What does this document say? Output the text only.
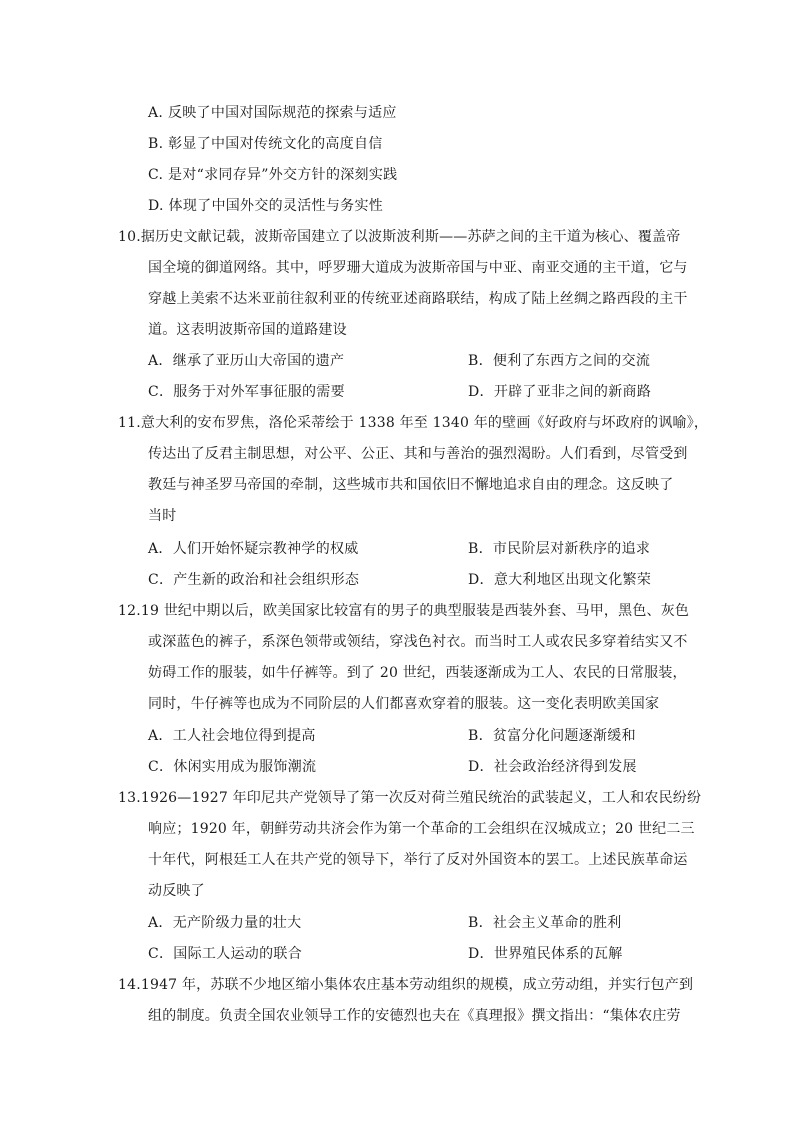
A. 反映了中国对国际规范的探索与适应
B. 彰显了中国对传统文化的高度自信
C. 是对“求同存异”外交方针的深刻实践
D. 体现了中国外交的灵活性与务实性
10.据历史文献记载，波斯帝国建立了以波斯波利斯——苏萨之间的主干道为核心、覆盖帝
国全境的御道网络。其中，呼罗珊大道成为波斯帝国与中亚、南亚交通的主干道，它与
穿越上美索不达米亚前往叙利亚的传统亚述商路联结，构成了陆上丝绸之路西段的主干
道。这表明波斯帝国的道路建设
A．继承了亚历山大帝国的遗产	B．便利了东西方之间的交流
C．服务于对外军事征服的需要	D．开辟了亚非之间的新商路
11.意大利的安布罗焦，洛伦采蒂绘于 1338 年至 1340 年的壁画《好政府与坏政府的讽喻》，
传达出了反君主制思想，对公平、公正、其和与善治的强烈渴盼。人们看到，尽管受到
教廷与神圣罗马帝国的牵制，这些城市共和国依旧不懈地追求自由的理念。这反映了
当时
A．人们开始怀疑宗教神学的权威	B．市民阶层对新秩序的追求
C．产生新的政治和社会组织形态	D．意大利地区出现文化繁荣
12.19 世纪中期以后，欧美国家比较富有的男子的典型服装是西装外套、马甲，黑色、灰色
或深蓝色的裤子，系深色领带或领结，穿浅色衬衣。而当时工人或农民多穿着结实又不
妨碍工作的服装，如牛仔裤等。到了 20 世纪，西装逐渐成为工人、农民的日常服装，
同时，牛仔裤等也成为不同阶层的人们都喜欢穿着的服装。这一变化表明欧美国家
A．工人社会地位得到提高	B．贫富分化问题逐渐缓和
C．休闲实用成为服饰潮流	D．社会政治经济得到发展
13.1926—1927 年印尼共产党领导了第一次反对荷兰殖民统治的武装起义，工人和农民纷纷
响应；1920 年，朝鲜劳动共济会作为第一个革命的工会组织在汉城成立；20 世纪二三
十年代，阿根廷工人在共产党的领导下，举行了反对外国资本的罢工。上述民族革命运
动反映了
A．无产阶级力量的壮大	B．社会主义革命的胜利
C．国际工人运动的联合	D．世界殖民体系的瓦解
14.1947 年，苏联不少地区缩小集体农庄基本劳动组织的规模，成立劳动组，并实行包产到
组的制度。负责全国农业领导工作的安德烈也夫在《真理报》撰文指出：“集体农庄劳
